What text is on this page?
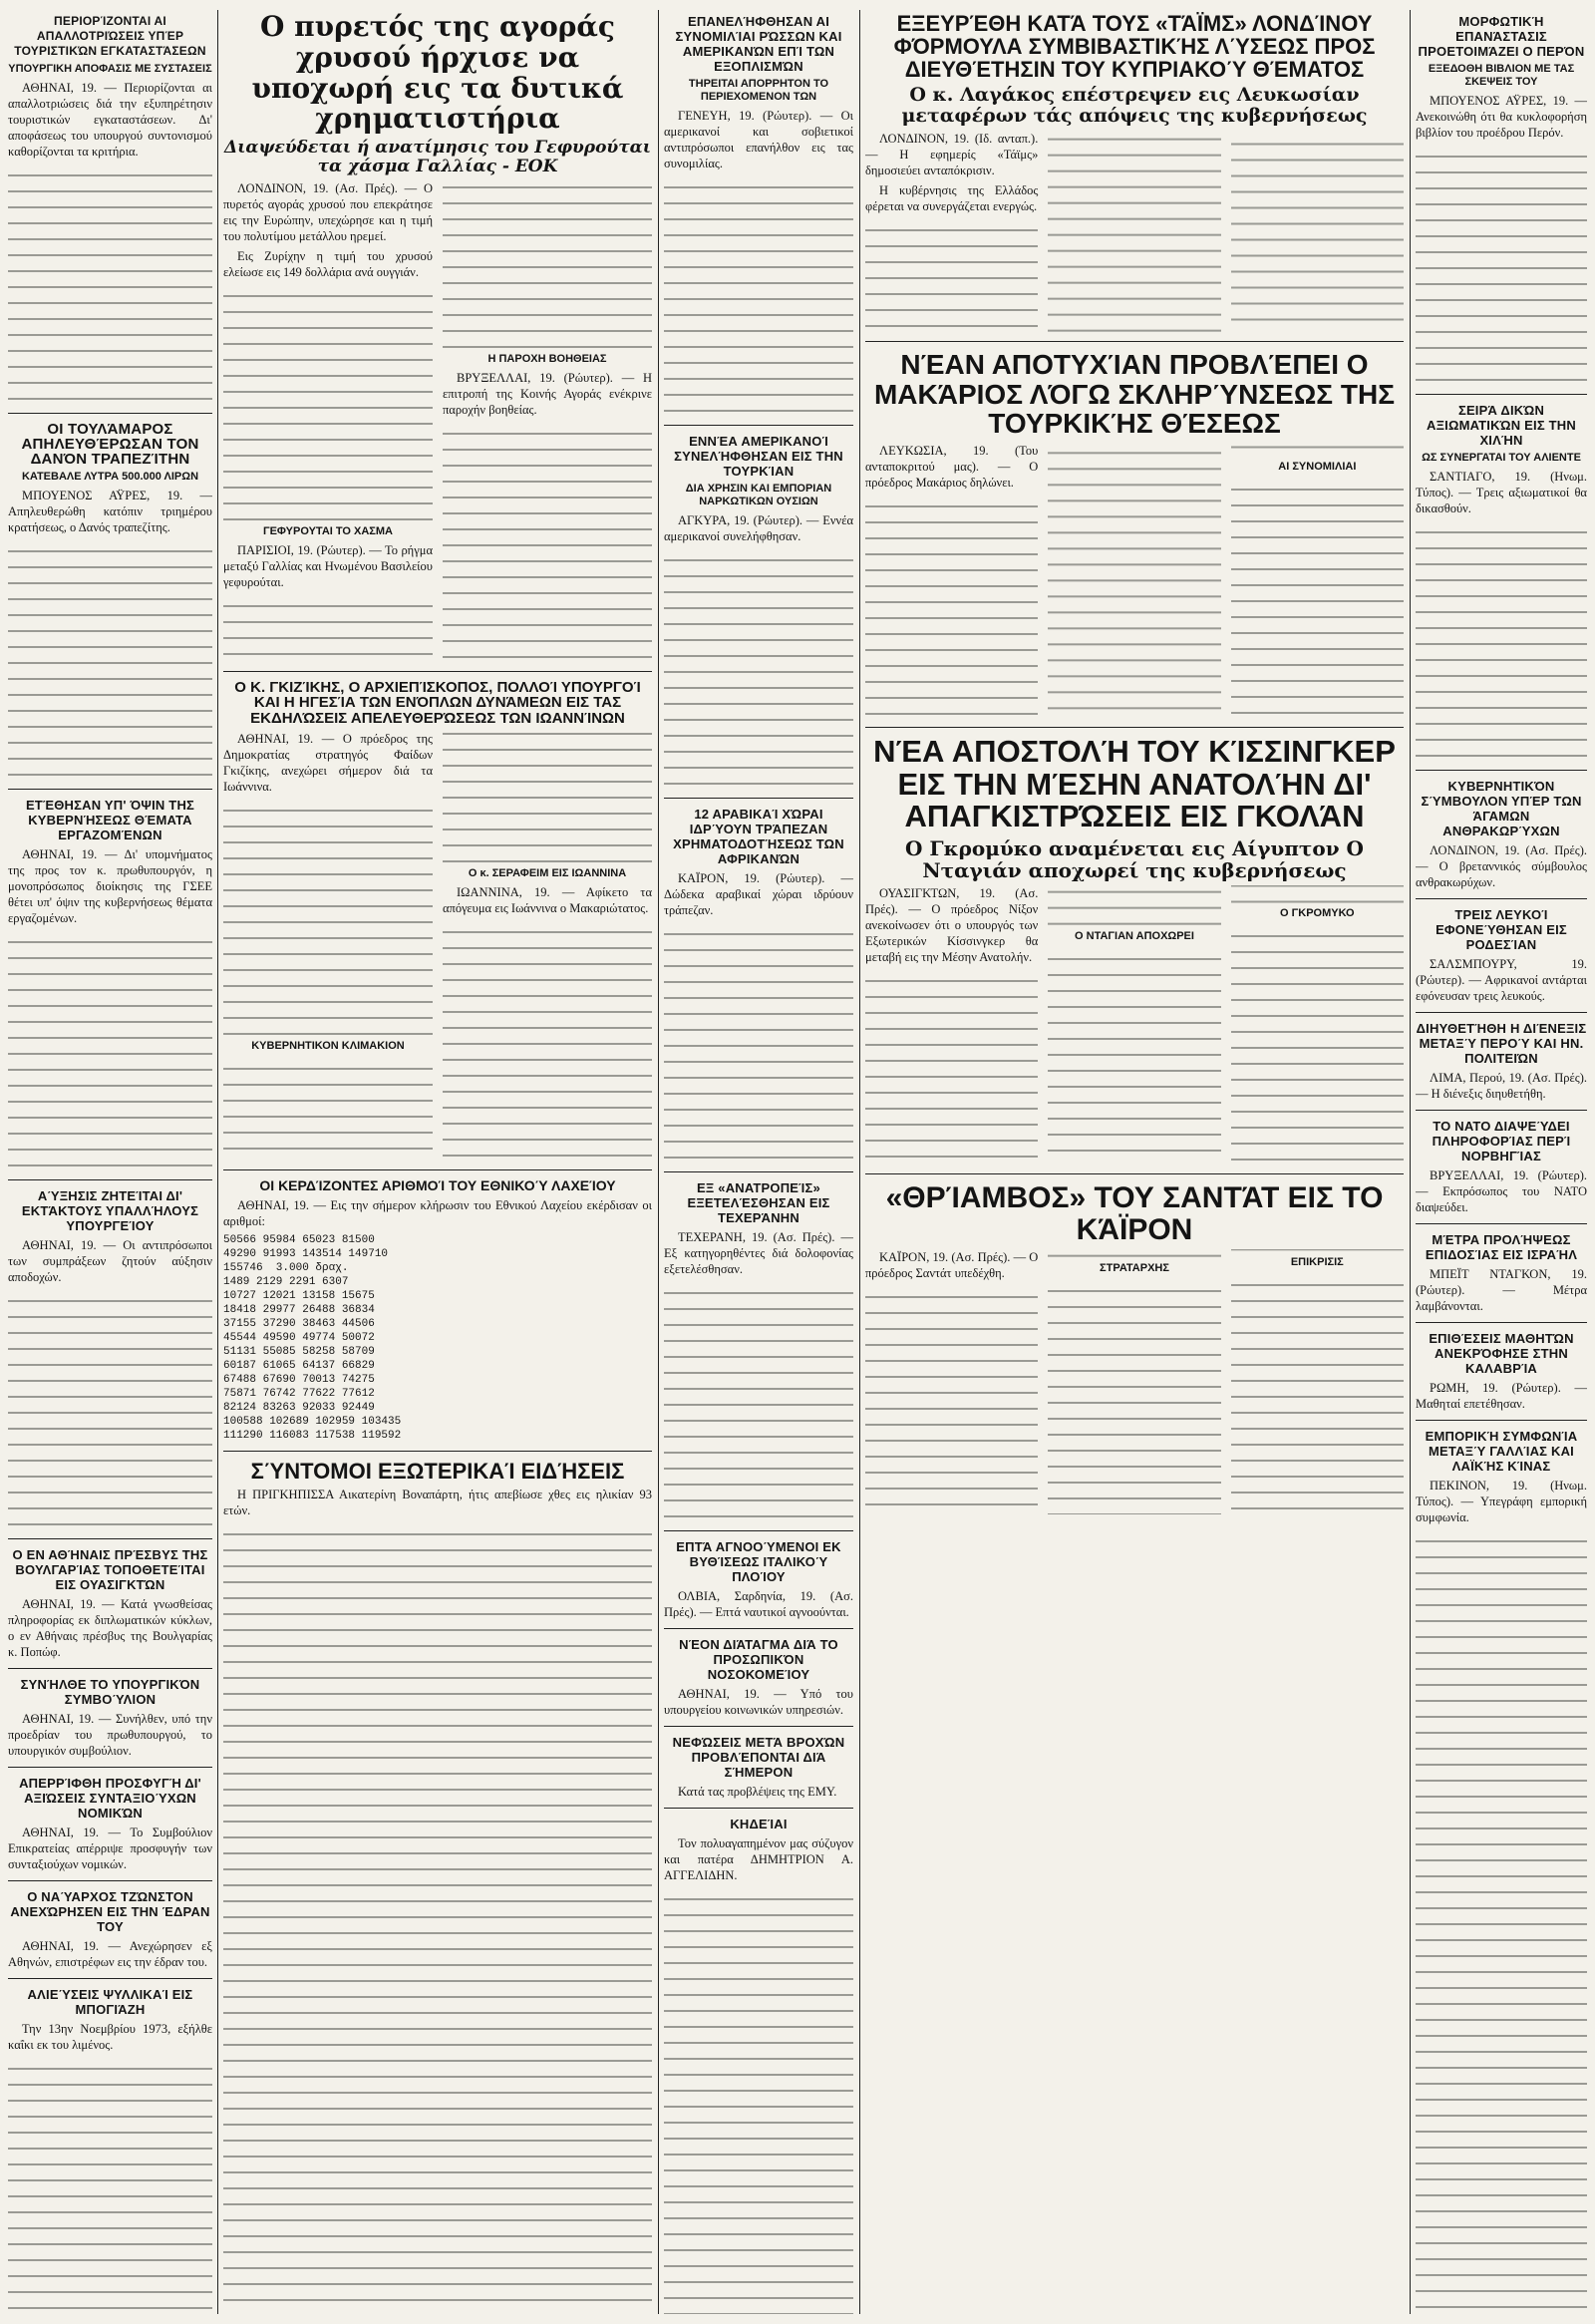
ΠΕΡΙΟΡΊΖΟΝΤΑΙ ΑΙ ΑΠΑΛΛΟΤΡΙΏΣΕΙΣ ΥΠΈΡ ΤΟΥΡΙΣΤΙΚΏΝ ΕΓΚΑΤΑΣΤΆΣΕΩΝ
ΥΠΟΥΡΓΙΚΗ ΑΠΟΦΑΣΙΣ ΜΕ ΣΥΣΤΑΣΕΙΣ

ΑΘΗΝΑΙ, 19. — Περιορίζονται αι απαλλοτριώσεις διά την εξυπηρέτησιν τουριστικών εγκαταστάσεων. Δι' αποφάσεως του υπουργού συντονισμού καθορίζονται τα κριτήρια.

ΟΙ ΤΟΥΛΆΜΑΡΟΣ ΑΠΗΛΕΥΘΈΡΩΣΑΝ ΤΟΝ ΔΑΝΌΝ ΤΡΑΠΕΖΊΤΗΝ
ΚΑΤΕΒΑΛΕ ΛΥΤΡΑ 500.000 ΛΙΡΩΝ

ΜΠΟΥΕΝΟΣ ΑΫΡΕΣ, 19. — Απηλευθερώθη κατόπιν τριημέρου κρατήσεως, ο Δανός τραπεζίτης.

ΕΤΈΘΗΣΑΝ ΥΠ' ΌΨΙΝ ΤΗΣ ΚΥΒΕΡΝΉΣΕΩΣ ΘΈΜΑΤΑ ΕΡΓΑΖΟΜΈΝΩΝ

ΑΘΗΝΑΙ, 19. — Δι' υπομνήματος της προς τον κ. πρωθυπουργόν, η μονοπρόσωπος διοίκησις της ΓΣΕΕ θέτει υπ' όψιν της κυβερνήσεως θέματα εργαζομένων.

ΑΎΞΗΣΙΣ ΖΗΤΕΊΤΑΙ ΔΙ' ΕΚΤΆΚΤΟΥΣ ΥΠΑΛΛΉΛΟΥΣ ΥΠΟΥΡΓΕΊΟΥ

ΑΘΗΝΑΙ, 19. — Οι αντιπρόσωποι των συμπράξεων ζητούν αύξησιν αποδοχών.

Ο ΕΝ ΑΘΉΝΑΙΣ ΠΡΈΣΒΥΣ ΤΗΣ ΒΟΥΛΓΑΡΊΑΣ ΤΟΠΟΘΕΤΕΊΤΑΙ ΕΙΣ ΟΥΑΣΙΓΚΤΏΝ

ΑΘΗΝΑΙ, 19. — Κατά γνωσθείσας πληροφορίας εκ διπλωματικών κύκλων, ο εν Αθήναις πρέσβυς της Βουλγαρίας κ. Ποπώφ.

ΣΥΝΉΛΘΕ ΤΟ ΥΠΟΥΡΓΙΚΌΝ ΣΥΜΒΟΎΛΙΟΝ

ΑΘΗΝΑΙ, 19. — Συνήλθεν, υπό την προεδρίαν του πρωθυπουργού, το υπουργικόν συμβούλιον.

ΑΠΕΡΡΊΦΘΗ ΠΡΟΣΦΥΓΉ ΔΙ' ΑΞΙΏΣΕΙΣ ΣΥΝΤΑΞΙΟΎΧΩΝ ΝΟΜΙΚΏΝ

ΑΘΗΝΑΙ, 19. — Το Συμβούλιον Επικρατείας απέρριψε προσφυγήν των συνταξιούχων νομικών.

Ο ΝΑΎΑΡΧΟΣ ΤΖΏΝΣΤΟΝ ΑΝΕΧΏΡΗΣΕΝ ΕΙΣ ΤΗΝ ΈΔΡΑΝ ΤΟΥ

ΑΘΗΝΑΙ, 19. — Ανεχώρησεν εξ Αθηνών, επιστρέφων εις την έδραν του.

ΑΛΙΕΎΣΕΙΣ ΨΥΛΛΙΚΑΊ ΕΙΣ ΜΠΟΓΙΆΖΗ

Την 13ην Νοεμβρίου 1973, εξήλθε καΐκι εκ του λιμένος.

Ο πυρετός της αγοράς χρυσού ήρχισε να υποχωρή εις τα δυτικά χρηματιστήρια
Διαψεύδεται ή ανατίμησις του Γεφυρούται τα χάσμα Γαλλίας - ΕΟΚ

ΛΟΝΔΙΝΟΝ, 19. (Ασ. Πρές). — Ο πυρετός αγοράς χρυσού που επεκράτησε εις την Ευρώπην, υπεχώρησε και η τιμή του πολυτίμου μετάλλου ηρεμεί.

Εις Ζυρίχην η τιμή του χρυσού ελείωσε εις 149 δολλάρια ανά ουγγιάν.

ΓΕΦΥΡΟΥΤΑΙ ΤΟ ΧΑΣΜΑ

ΠΑΡΙΣΙΟΙ, 19. (Ρώυτερ). — Το ρήγμα μεταξύ Γαλλίας και Ηνωμένου Βασιλείου γεφυρούται.

Η ΠΑΡΟΧΗ ΒΟΗΘΕΙΑΣ

ΒΡΥΞΕΛΛΑΙ, 19. (Ρώυτερ). — Η επιτροπή της Κοινής Αγοράς ενέκρινε παροχήν βοηθείας.

Ο Κ. ΓΚΙΖΊΚΗΣ, Ο ΑΡΧΙΕΠΊΣΚΟΠΟΣ, ΠΟΛΛΟΊ ΥΠΟΥΡΓΟΊ ΚΑΙ Η ΗΓΕΣΊΑ ΤΩΝ ΕΝΌΠΛΩΝ ΔΥΝΆΜΕΩΝ ΕΙΣ ΤΑΣ ΕΚΔΗΛΏΣΕΙΣ ΑΠΕΛΕΥΘΕΡΏΣΕΩΣ ΤΩΝ ΙΩΑΝΝΊΝΩΝ

ΑΘΗΝΑΙ, 19. — Ο πρόεδρος της Δημοκρατίας στρατηγός Φαίδων Γκιζίκης, ανεχώρει σήμερον διά τα Ιωάννινα.

ΚΥΒΕΡΝΗΤΙΚΟΝ ΚΛΙΜΑΚΙΟΝ
Ο κ. ΣΕΡΑΦΕΙΜ ΕΙΣ ΙΩΑΝΝΙΝΑ

ΙΩΑΝΝΙΝΑ, 19. — Αφίκετο τα απόγευμα εις Ιωάννινα ο Μακαριώτατος.

ΟΙ ΚΕΡΔΊΖΟΝΤΕΣ ΑΡΙΘΜΟΊ ΤΟΥ ΕΘΝΙΚΟΎ ΛΑΧΕΊΟΥ

ΑΘΗΝΑΙ, 19. — Εις την σήμερον κλήρωσιν του Εθνικού Λαχείου εκέρδισαν οι αριθμοί:

50566 95984 65023 81500
49290 91993 143514 149710
155746  3.000 δραχ.
1489 2129 2291 6307
10727 12021 13158 15675
18418 29977 26488 36834
37155 37290 38463 44506
45544 49590 49774 50072
51131 55085 58258 58709
60187 61065 64137 66829
67488 67690 70013 74275
75871 76742 77622 77612
82124 83263 92033 92449
100588 102689 102959 103435
111290 116083 117538 119592
ΣΎΝΤΟΜΟΙ ΕΞΩΤΕΡΙΚΑΊ ΕΙΔΉΣΕΙΣ

Η ΠΡΙΓΚΗΠΙΣΣΑ Αικατερίνη Βοναπάρτη, ήτις απεβίωσε χθες εις ηλικίαν 93 ετών.

ΕΠΑΝΕΛΉΦΘΗΣΑΝ ΑΙ ΣΥΝΟΜΙΛΊΑΙ ΡΏΣΣΩΝ ΚΑΙ ΑΜΕΡΙΚΑΝΏΝ ΕΠΊ ΤΩΝ ΕΞΟΠΛΙΣΜΏΝ
ΤΗΡΕΙΤΑΙ ΑΠΟΡΡΗΤΟΝ ΤΟ ΠΕΡΙΕΧΟΜΕΝΟΝ ΤΩΝ

ΓΕΝΕΥΗ, 19. (Ρώυτερ). — Οι αμερικανοί και σοβιετικοί αντιπρόσωποι επανήλθον εις τας συνομιλίας.

ΕΝΝΈΑ ΑΜΕΡΙΚΑΝΟΊ ΣΥΝΕΛΉΦΘΗΣΑΝ ΕΙΣ ΤΗΝ ΤΟΥΡΚΊΑΝ
ΔΙΑ ΧΡΗΣΙΝ ΚΑΙ ΕΜΠΟΡΙΑΝ ΝΑΡΚΩΤΙΚΩΝ ΟΥΣΙΩΝ

ΑΓΚΥΡΑ, 19. (Ρώυτερ). — Εννέα αμερικανοί συνελήφθησαν.

12 ΑΡΑΒΙΚΑΊ ΧΏΡΑΙ ΙΔΡΎΟΥΝ ΤΡΆΠΕΖΑΝ ΧΡΗΜΑΤΟΔΟΤΉΣΕΩΣ ΤΩΝ ΑΦΡΙΚΑΝΏΝ

ΚΑΪΡΟΝ, 19. (Ρώυτερ). — Δώδεκα αραβικαί χώραι ιδρύουν τράπεζαν.

ΕΞ «ΑΝΑΤΡΟΠΕΊΣ» ΕΞΕΤΕΛΈΣΘΗΣΑΝ ΕΙΣ ΤΕΧΕΡΆΝΗΝ

ΤΕΧΕΡΑΝΗ, 19. (Ασ. Πρές). — Εξ κατηγορηθέντες διά δολοφονίας εξετελέσθησαν.

ΕΠΤΆ ΑΓΝΟΟΎΜΕΝΟΙ ΕΚ ΒΥΘΊΣΕΩΣ ΙΤΑΛΙΚΟΎ ΠΛΟΊΟΥ

ΟΛΒΙΑ, Σαρδηνία, 19. (Ασ. Πρές). — Επτά ναυτικοί αγνοούνται.

ΝΈΟΝ ΔΙΆΤΑΓΜΑ ΔΙΆ ΤΟ ΠΡΟΣΩΠΙΚΌΝ ΝΟΣΟΚΟΜΕΊΟΥ

ΑΘΗΝΑΙ, 19. — Υπό του υπουργείου κοινωνικών υπηρεσιών.

ΝΕΦΏΣΕΙΣ ΜΕΤΆ ΒΡΟΧΏΝ ΠΡΟΒΛΈΠΟΝΤΑΙ ΔΙΆ ΣΉΜΕΡΟΝ

Κατά τας προβλέψεις της ΕΜΥ.

ΚΗΔΕΊΑΙ

Τον πολυαγαπημένον μας σύζυγον και πατέρα ΔΗΜΗΤΡΙΟΝ Α. ΑΓΓΕΛΙΔΗΝ.

ΕΞΕΥΡΈΘΗ ΚΑΤΆ ΤΟΥΣ «ΤΆΪΜΣ» ΛΟΝΔΊΝΟΥ ΦΌΡΜΟΥΛΑ ΣΥΜΒΙΒΑΣΤΙΚΉΣ ΛΎΣΕΩΣ ΠΡΟΣ ΔΙΕΥΘΈΤΗΣΙΝ ΤΟΥ ΚΥΠΡΙΑΚΟΎ ΘΈΜΑΤΟΣ
Ο κ. Λαγάκος επέστρεψεν εις Λευκωσίαν μεταφέρων τάς απόψεις της κυβερνήσεως

ΛΟΝΔΙΝΟΝ, 19. (Ιδ. ανταπ.). — Η εφημερίς «Τάϊμς» δημοσιεύει ανταπόκρισιν.

Η κυβέρνησις της Ελλάδος φέρεται να συνεργάζεται ενεργώς.

ΝΈΑΝ ΑΠΟΤΥΧΊΑΝ ΠΡΟΒΛΈΠΕΙ Ο ΜΑΚΆΡΙΟΣ ΛΌΓΩ ΣΚΛΗΡΎΝΣΕΩΣ ΤΗΣ ΤΟΥΡΚΙΚΉΣ ΘΈΣΕΩΣ

ΛΕΥΚΩΣΙΑ, 19. (Του ανταποκριτού μας). — Ο πρόεδρος Μακάριος δηλώνει.

ΑΙ ΣΥΝΟΜΙΛΙΑΙ
ΝΈΑ ΑΠΟΣΤΟΛΉ ΤΟΥ ΚΊΣΣΙΝΓΚΕΡ ΕΙΣ ΤΗΝ ΜΈΣΗΝ ΑΝΑΤΟΛΉΝ ΔΙ' ΑΠΑΓΚΙΣΤΡΏΣΕΙΣ ΕΙΣ ΓΚΟΛΆΝ
Ο Γκρομύκο αναμένεται εις Αίγυπτον Ο Νταγιάν αποχωρεί της κυβερνήσεως

ΟΥΑΣΙΓΚΤΩΝ, 19. (Ασ. Πρές). — Ο πρόεδρος Νίξον ανεκοίνωσεν ότι ο υπουργός των Εξωτερικών Κίσσινγκερ θα μεταβή εις την Μέσην Ανατολήν.

Ο ΝΤΑΓΙΑΝ ΑΠΟΧΩΡΕΙ
Ο ΓΚΡΟΜΥΚΟ
«ΘΡΊΑΜΒΟΣ» ΤΟΥ ΣΑΝΤΆΤ ΕΙΣ ΤΟ ΚΆΪΡΟΝ

ΚΑΪΡΟΝ, 19. (Ασ. Πρές). — Ο πρόεδρος Σαντάτ υπεδέχθη.	ΣΤΡΑΤΑΡΧΗΣ
ΕΠΙΚΡΙΣΙΣ
ΜΟΡΦΩΤΙΚΉ ΕΠΑΝΆΣΤΑΣΙΣ ΠΡΟΕΤΟΙΜΆΖΕΙ Ο ΠΕΡΌΝ
ΕΞΕΔΟΘΗ ΒΙΒΛΙΟΝ ΜΕ ΤΑΣ ΣΚΕΨΕΙΣ ΤΟΥ

ΜΠΟΥΕΝΟΣ ΑΫΡΕΣ, 19. — Ανεκοινώθη ότι θα κυκλοφορήση βιβλίον του προέδρου Περόν.

ΣΕΙΡΆ ΔΙΚΏΝ ΑΞΙΩΜΑΤΙΚΏΝ ΕΙΣ ΤΗΝ ΧΙΛΉΝ
ΩΣ ΣΥΝΕΡΓΑΤΑΙ ΤΟΥ ΑΛΙΕΝΤΕ

ΣΑΝΤΙΑΓΟ, 19. (Ηνωμ. Τύπος). — Τρεις αξιωματικοί θα δικασθούν.

ΚΥΒΕΡΝΗΤΙΚΌΝ ΣΎΜΒΟΥΛΟΝ ΥΠΈΡ ΤΩΝ ΆΓΑΜΩΝ ΑΝΘΡΑΚΩΡΎΧΩΝ

ΛΟΝΔΙΝΟΝ, 19. (Ασ. Πρές). — Ο βρεταννικός σύμβουλος ανθρακωρύχων.

ΤΡΕΙΣ ΛΕΥΚΟΊ ΕΦΟΝΕΎΘΗΣΑΝ ΕΙΣ ΡΟΔΕΣΊΑΝ

ΣΑΛΣΜΠΟΥΡΥ, 19. (Ρώυτερ). — Αφρικανοί αντάρται εφόνευσαν τρεις λευκούς.

ΔΙΗΥΘΕΤΉΘΗ Η ΔΙΈΝΕΞΙΣ ΜΕΤΑΞΎ ΠΕΡΟΎ ΚΑΙ ΗΝ. ΠΟΛΙΤΕΙΏΝ

ΛΙΜΑ, Περού, 19. (Ασ. Πρές). — Η διένεξις διηυθετήθη.

ΤΟ ΝΑΤΟ ΔΙΑΨΕΎΔΕΙ ΠΛΗΡΟΦΟΡΊΑΣ ΠΕΡΊ ΝΟΡΒΗΓΊΑΣ

ΒΡΥΞΕΛΛΑΙ, 19. (Ρώυτερ). — Εκπρόσωπος του ΝΑΤΟ διαψεύδει.

ΜΈΤΡΑ ΠΡΟΛΉΨΕΩΣ ΕΠΙΔΟΣΊΑΣ ΕΙΣ ΙΣΡΑΉΛ

ΜΠΕΪΤ ΝΤΑΓΚΟΝ, 19. (Ρώυτερ). — Μέτρα λαμβάνονται.

ΕΠΙΘΈΣΕΙΣ ΜΑΘΗΤΏΝ ΑΝΕΚΡΌΦΗΣΕ ΣΤΗΝ ΚΑΛΑΒΡΊΑ

ΡΩΜΗ, 19. (Ρώυτερ). — Μαθηταί επετέθησαν.

ΕΜΠΟΡΙΚΉ ΣΥΜΦΩΝΊΑ ΜΕΤΑΞΎ ΓΑΛΛΊΑΣ ΚΑΙ ΛΑΪΚΉΣ ΚΊΝΑΣ

ΠΕΚΙΝΟΝ, 19. (Ηνωμ. Τύπος). — Υπεγράφη εμπορική συμφωνία.
